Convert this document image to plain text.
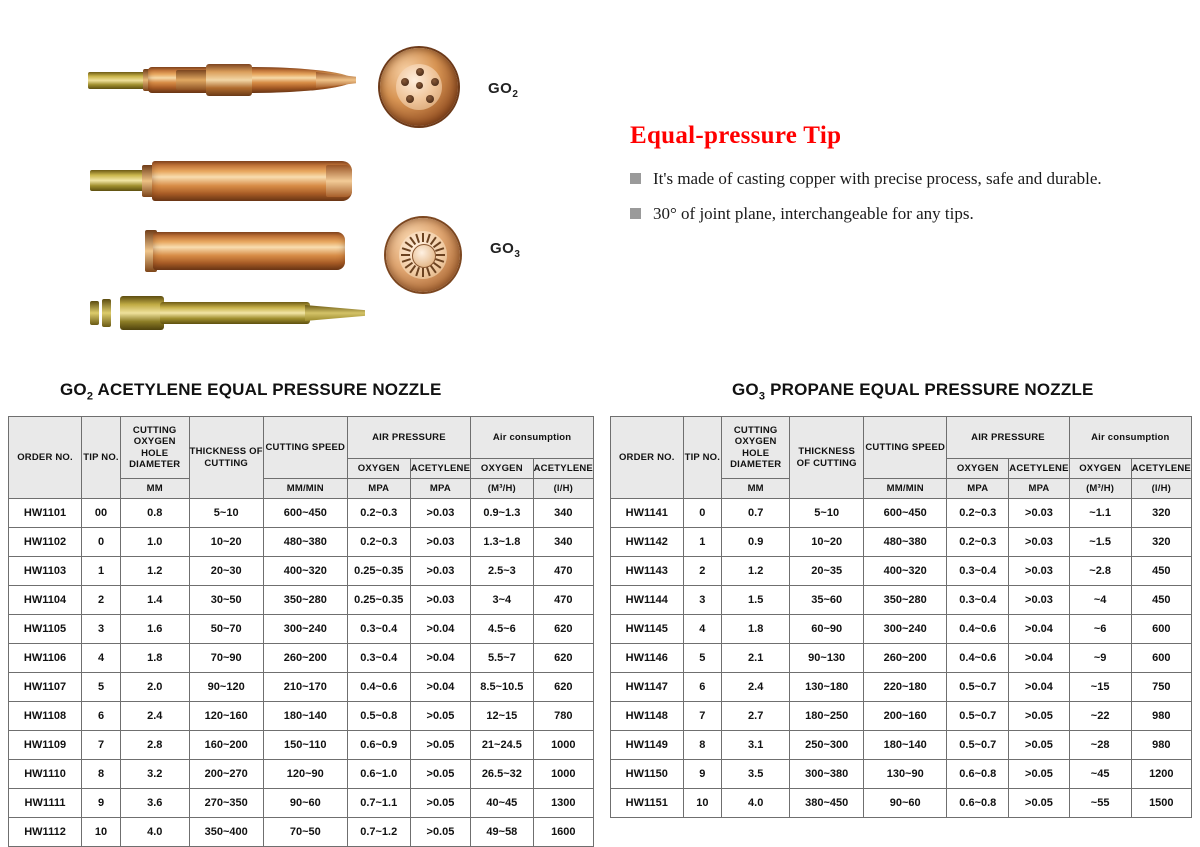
$GO_2$
$GO_3$
Equal-pressure Tip
It's made of casting copper with precise process, safe and durable.
30° of joint plane, interchangeable for any tips.
$GO_2$ ACETYLENE EQUAL PRESSURE NOZZLE
ORDER NO.	TIP NO.	CUTTING OXYGEN HOLE DIAMETER	THICKNESS OF CUTTING	CUTTING SPEED	AIR PRESSURE		Air consumption	
					OXYGEN	ACETYLENE	OXYGEN	ACETYLENE
		MM		MM/MIN	MPA	MPA	(M³/H)	(l/H)
HW1101	00	0.8	5~10	600~450	0.2~0.3	>0.03	0.9~1.3	340
HW1102	0	1.0	10~20	480~380	0.2~0.3	>0.03	1.3~1.8	340
HW1103	1	1.2	20~30	400~320	0.25~0.35	>0.03	2.5~3	470
HW1104	2	1.4	30~50	350~280	0.25~0.35	>0.03	3~4	470
HW1105	3	1.6	50~70	300~240	0.3~0.4	>0.04	4.5~6	620
HW1106	4	1.8	70~90	260~200	0.3~0.4	>0.04	5.5~7	620
HW1107	5	2.0	90~120	210~170	0.4~0.6	>0.04	8.5~10.5	620
HW1108	6	2.4	120~160	180~140	0.5~0.8	>0.05	12~15	780
HW1109	7	2.8	160~200	150~110	0.6~0.9	>0.05	21~24.5	1000
HW1110	8	3.2	200~270	120~90	0.6~1.0	>0.05	26.5~32	1000
HW1111	9	3.6	270~350	90~60	0.7~1.1	>0.05	40~45	1300
HW1112	10	4.0	350~400	70~50	0.7~1.2	>0.05	49~58	1600
$GO_3$ PROPANE EQUAL PRESSURE NOZZLE
ORDER NO.	TIP NO.	CUTTING OXYGEN HOLE DIAMETER	THICKNESS OF CUTTING	CUTTING SPEED	AIR PRESSURE		Air consumption	
					OXYGEN	ACETYLENE	OXYGEN	ACETYLENE
		MM		MM/MIN	MPA	MPA	(M³/H)	(l/H)
HW1141	0	0.7	5~10	600~450	0.2~0.3	>0.03	~1.1	320
HW1142	1	0.9	10~20	480~380	0.2~0.3	>0.03	~1.5	320
HW1143	2	1.2	20~35	400~320	0.3~0.4	>0.03	~2.8	450
HW1144	3	1.5	35~60	350~280	0.3~0.4	>0.03	~4	450
HW1145	4	1.8	60~90	300~240	0.4~0.6	>0.04	~6	600
HW1146	5	2.1	90~130	260~200	0.4~0.6	>0.04	~9	600
HW1147	6	2.4	130~180	220~180	0.5~0.7	>0.04	~15	750
HW1148	7	2.7	180~250	200~160	0.5~0.7	>0.05	~22	980
HW1149	8	3.1	250~300	180~140	0.5~0.7	>0.05	~28	980
HW1150	9	3.5	300~380	130~90	0.6~0.8	>0.05	~45	1200
HW1151	10	4.0	380~450	90~60	0.6~0.8	>0.05	~55	1500
